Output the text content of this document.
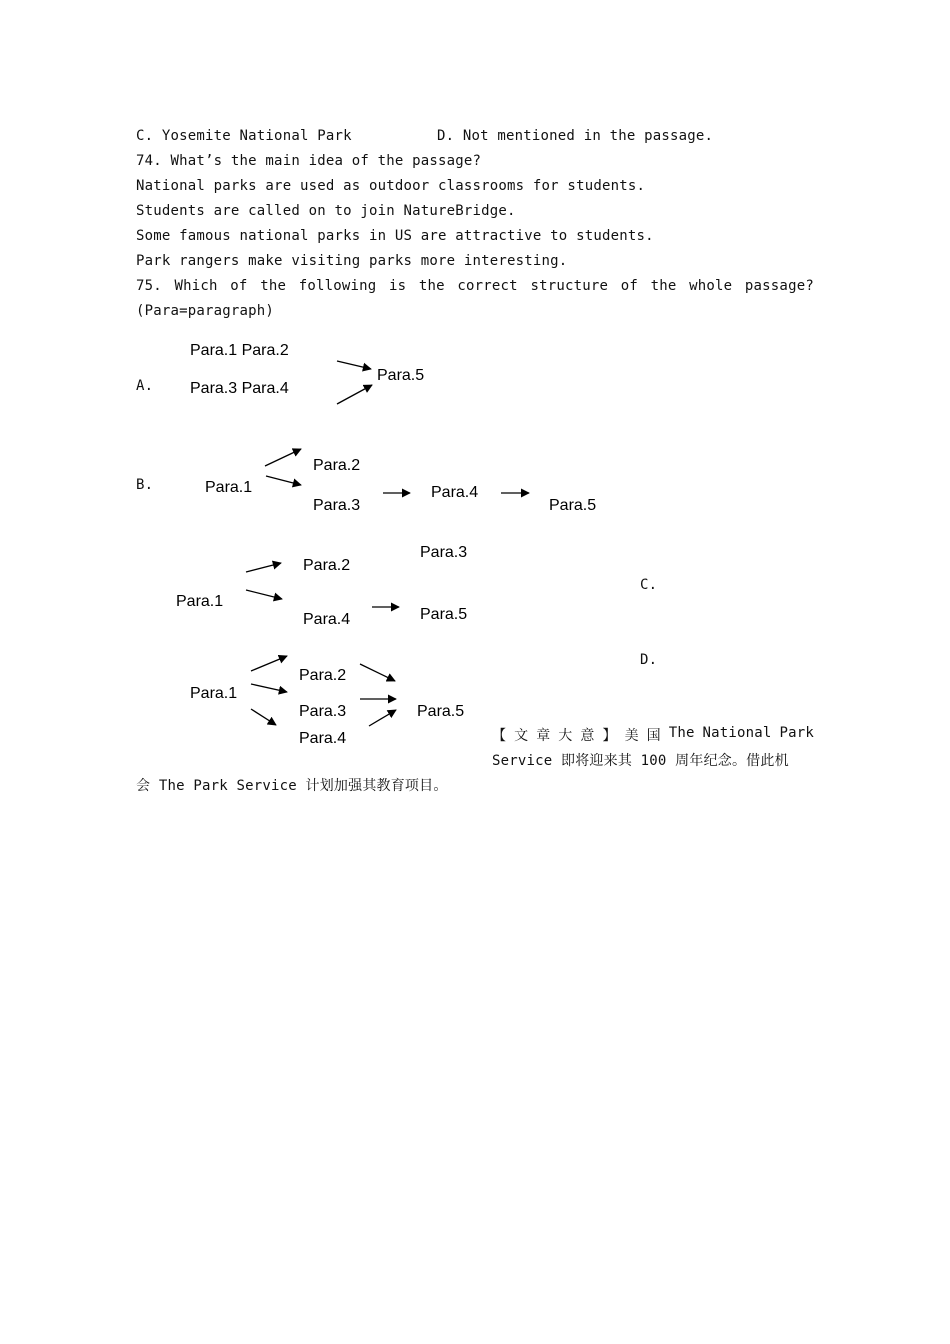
C. Yosemite National Park	D. Not mentioned in the passage.
74. What’s the main idea of the passage?
National parks are used as outdoor classrooms for students.
Students are called on to join NatureBridge.
Some famous national parks in US are attractive to students.
Park rangers make visiting parks more interesting.
75. Which of the following is the correct structure of the whole passage?
(Para=paragraph)
A.
Para.1 Para.2
Para.3 Para.4
Para.5
B.	Para.1
Para.2
Para.3
Para.4
Para.5
C.
Para.1
Para.2
Para.3
Para.4	Para.5
D.
Para.1
Para.2
Para.3
Para.4
Para.5
【 文 章 大 意 】 美 国 The National Park
Service 即将迎来其 100 周年纪念。借此机
会 The Park Service 计划加强其教育项目。
